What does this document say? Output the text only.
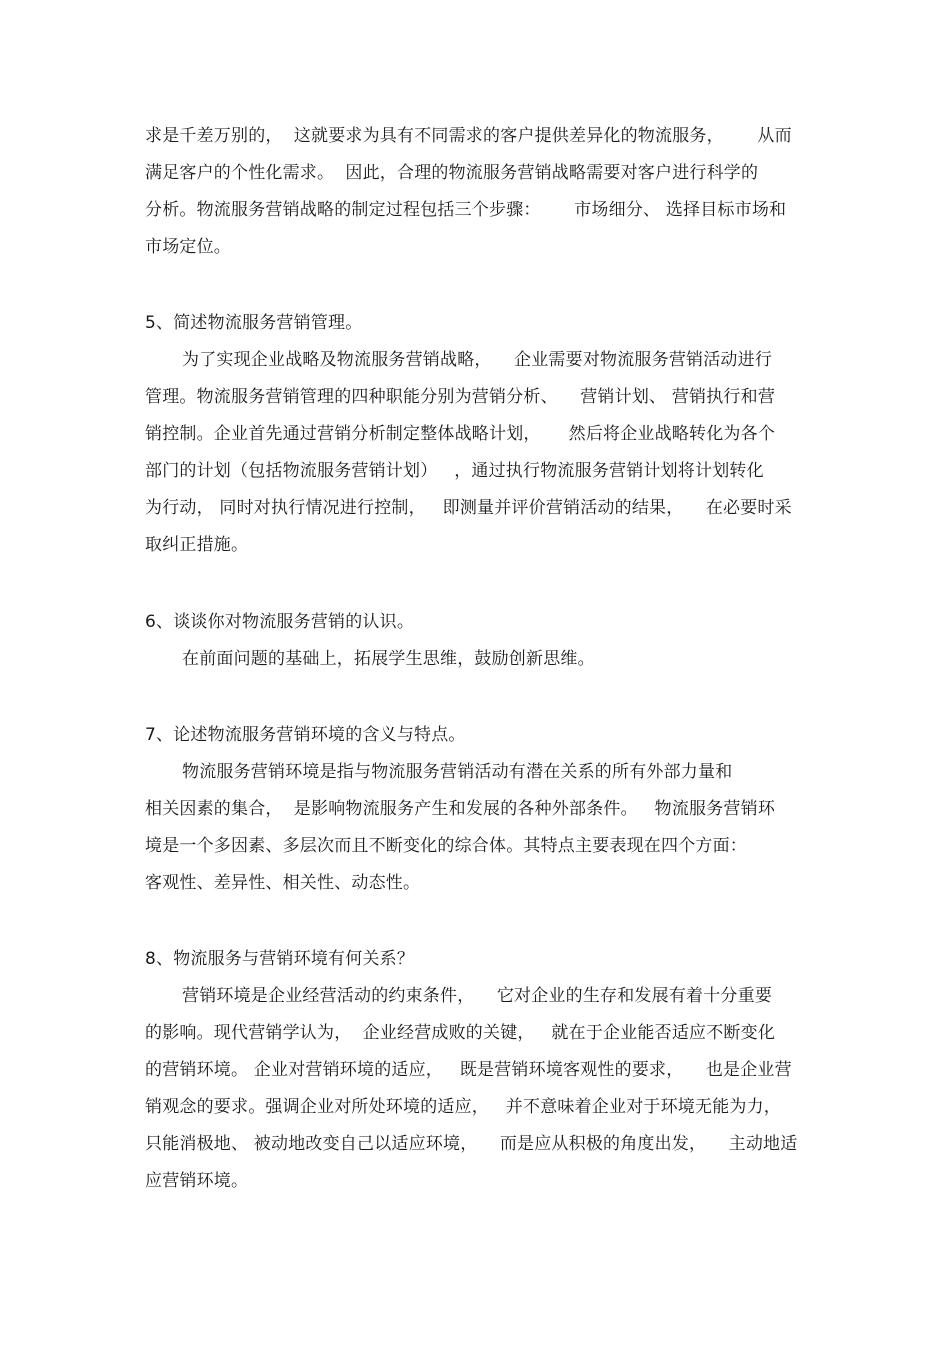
求是千差万别的，  这就要求为具有不同需求的客户提供差异化的物流服务，      从而
满足客户的个性化需求。  因此，合理的物流服务营销战略需要对客户进行科学的
分析。物流服务营销战略的制定过程包括三个步骤：      市场细分、 选择目标市场和
市场定位。
5、简述物流服务营销管理。
为了实现企业战略及物流服务营销战略，    企业需要对物流服务营销活动进行
管理。物流服务营销管理的四种职能分别为营销分析、    营销计划、 营销执行和营
销控制。企业首先通过营销分析制定整体战略计划，     然后将企业战略转化为各个
部门的计划（包括物流服务营销计划）   ，通过执行物流服务营销计划将计划转化
为行动， 同时对执行情况进行控制，   即测量并评价营销活动的结果，    在必要时采
取纠正措施。
6、谈谈你对物流服务营销的认识。
在前面问题的基础上，拓展学生思维，鼓励创新思维。
7、论述物流服务营销环境的含义与特点。
物流服务营销环境是指与物流服务营销活动有潜在关系的所有外部力量和
相关因素的集合，  是影响物流服务产生和发展的各种外部条件。   物流服务营销环
境是一个多因素、多层次而且不断变化的综合体。其特点主要表现在四个方面：
客观性、差异性、相关性、动态性。
8、物流服务与营销环境有何关系？
营销环境是企业经营活动的约束条件，    它对企业的生存和发展有着十分重要
的影响。现代营销学认为，  企业经营成败的关键，   就在于企业能否适应不断变化
的营销环境。 企业对营销环境的适应，   既是营销环境客观性的要求，    也是企业营
销观念的要求。强调企业对所处环境的适应，   并不意味着企业对于环境无能为力，
只能消极地、 被动地改变自己以适应环境，    而是应从积极的角度出发，    主动地适
应营销环境。
